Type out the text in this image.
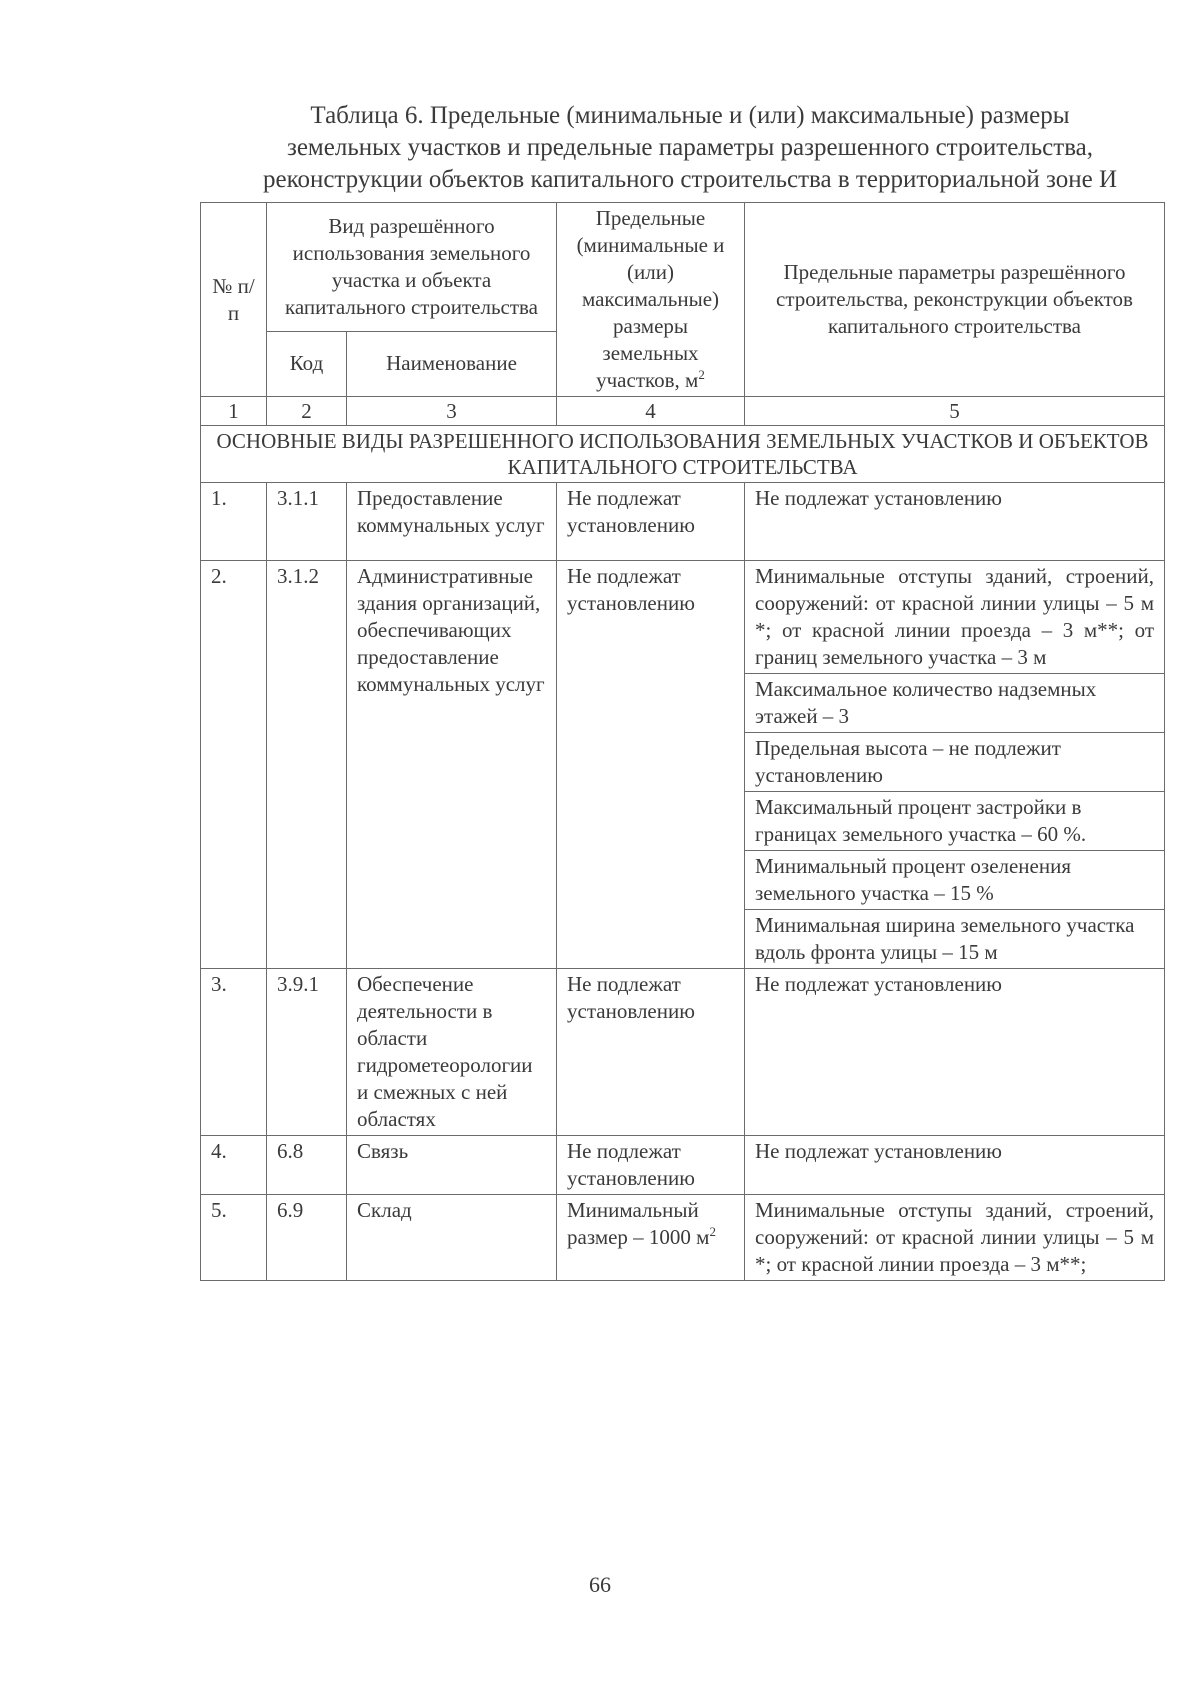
Таблица 6. Предельные (минимальные и (или) максимальные) размеры
земельных участков и предельные параметры разрешенного строительства,
реконструкции объектов капитального строительства в территориальной зоне И
№ п/п	Вид разрешённого использования земельного участка и объекта капитального строительства		Предельные (минимальные и (или) максимальные) размеры земельных участков, $м^2$	Предельные параметры разрешённого строительства, реконструкции объектов капитального строительства
	Код	Наименование		
1	2	3	4	5
ОСНОВНЫЕ ВИДЫ РАЗРЕШЕННОГО ИСПОЛЬЗОВАНИЯ ЗЕМЕЛЬНЫХ УЧАСТКОВ И ОБЪЕКТОВ КАПИТАЛЬНОГО СТРОИТЕЛЬСТВА				
1.	3.1.1	Предоставление коммунальных услуг	Не подлежат установлению	Не подлежат установлению
2.	3.1.2	Административные здания организаций, обеспечивающих предоставление коммунальных услуг	Не подлежат установлению	Минимальные отступы зданий, строений, сооружений: от красной линии улицы – 5 м *; от красной линии проезда – 3 м**; от границ земельного участка – 3 м
				Максимальное количество надземных этажей – 3
				Предельная высота – не подлежит установлению
				Максимальный процент застройки в границах земельного участка – 60 %.
				Минимальный процент озеленения земельного участка – 15 %
				Минимальная ширина земельного участка вдоль фронта улицы – 15 м
3.	3.9.1	Обеспечение деятельности в области гидрометеорологии и смежных с ней областях	Не подлежат установлению	Не подлежат установлению
4.	6.8	Связь	Не подлежат установлению	Не подлежат установлению
5.	6.9	Склад	Минимальный размер – 1000 $м^2$	Минимальные отступы зданий, строений, сооружений: от красной линии улицы – 5 м *; от красной линии проезда – 3 м**;
66
